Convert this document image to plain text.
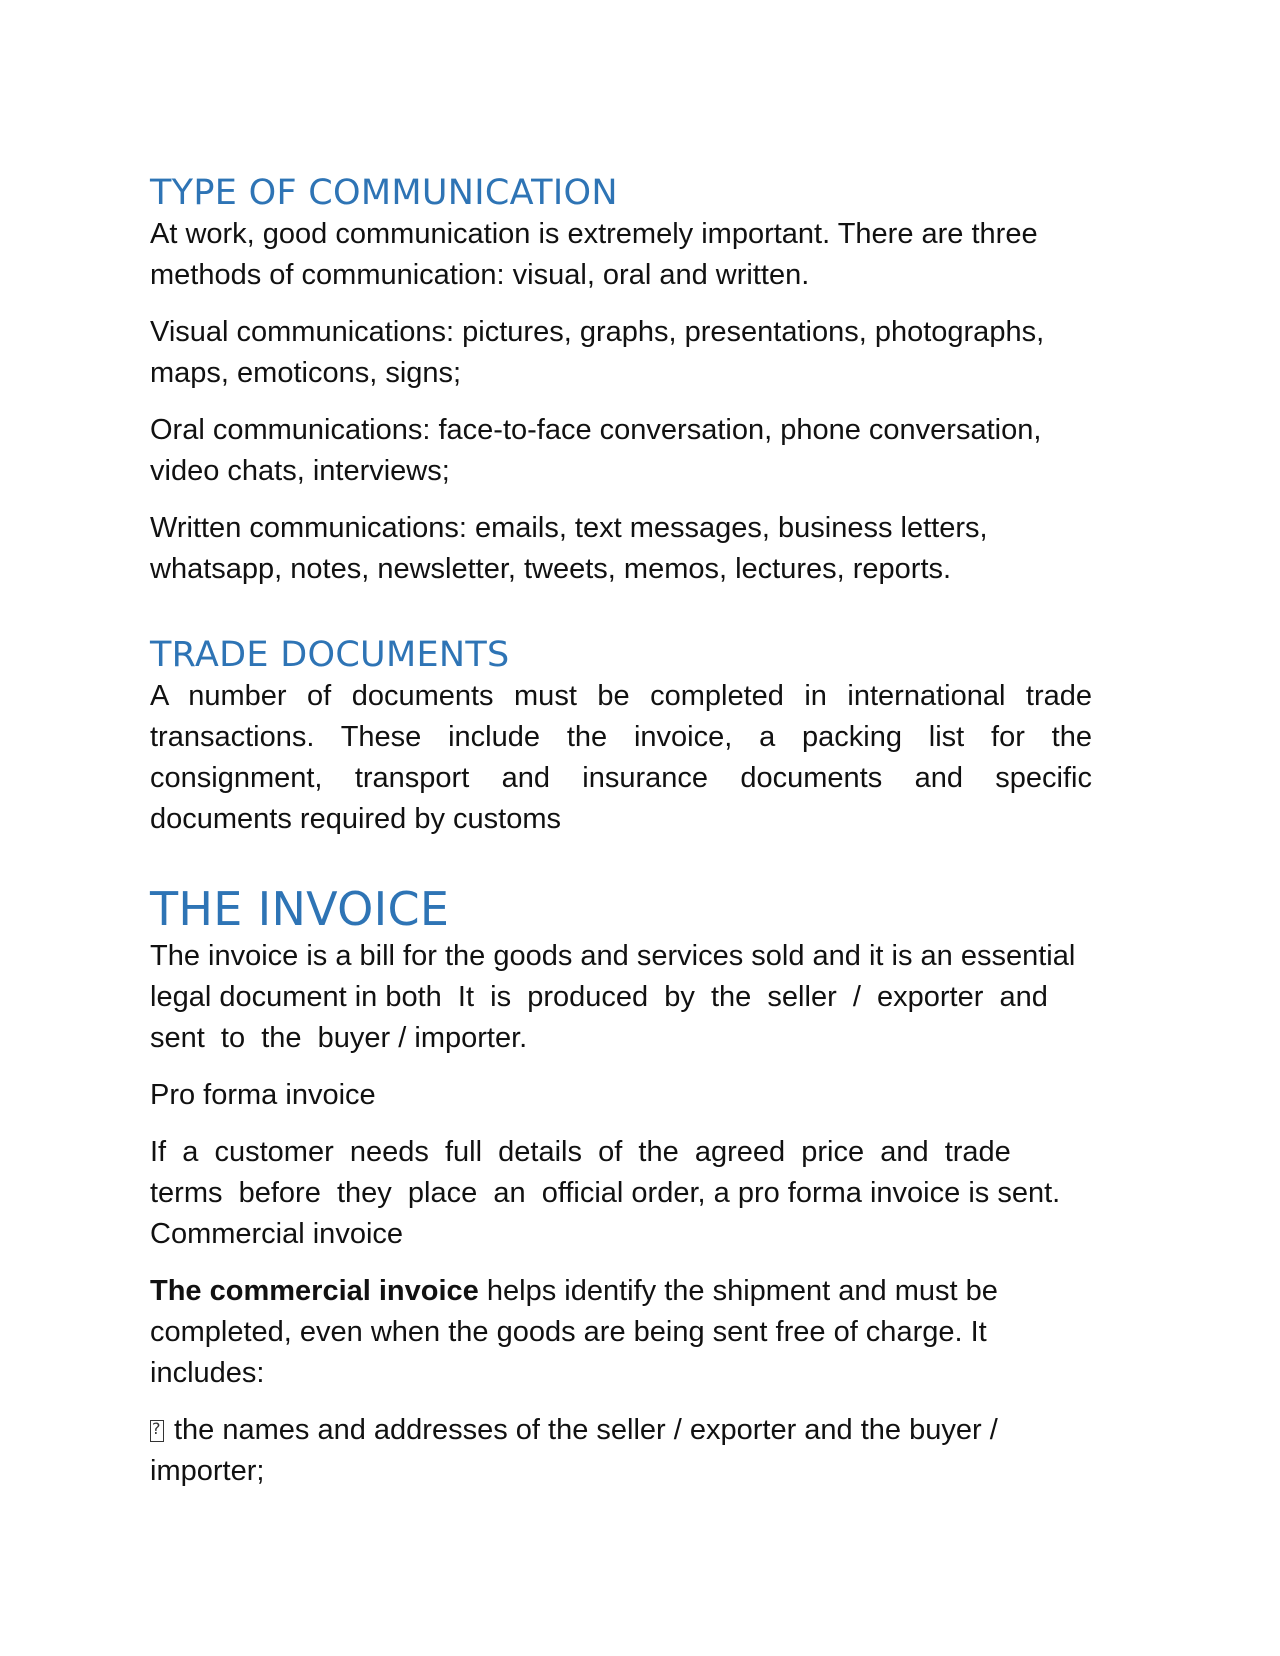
TYPE OF COMMUNICATION

At work, good communication is extremely important. There are three methods of communication: visual, oral and written.

Visual communications: pictures, graphs, presentations, photographs, maps, emoticons, signs;

Oral communications: face-to-face conversation, phone conversation, video chats, interviews;

Written communications: emails, text messages, business letters, whatsapp, notes, newsletter, tweets, memos, lectures, reports.

TRADE DOCUMENTS

A number of documents must be completed in international trade transactions. These include the invoice, a packing list for the consignment, transport and insurance documents and specific documents required by customs

THE INVOICE

The invoice is a bill for the goods and services sold and it is an essential
legal document in both  It  is  produced  by  the  seller  /  exporter  and
sent  to  the  buyer / importer.

Pro forma invoice

If  a  customer  needs  full  details  of  the  agreed  price  and  trade
terms  before  they  place  an  official order, a pro forma invoice is sent.
Commercial invoice

The commercial invoice helps identify the shipment and must be
completed, even when the goods are being sent free of charge. It
includes:

?the names and addresses of the seller / exporter and the buyer /
importer;
